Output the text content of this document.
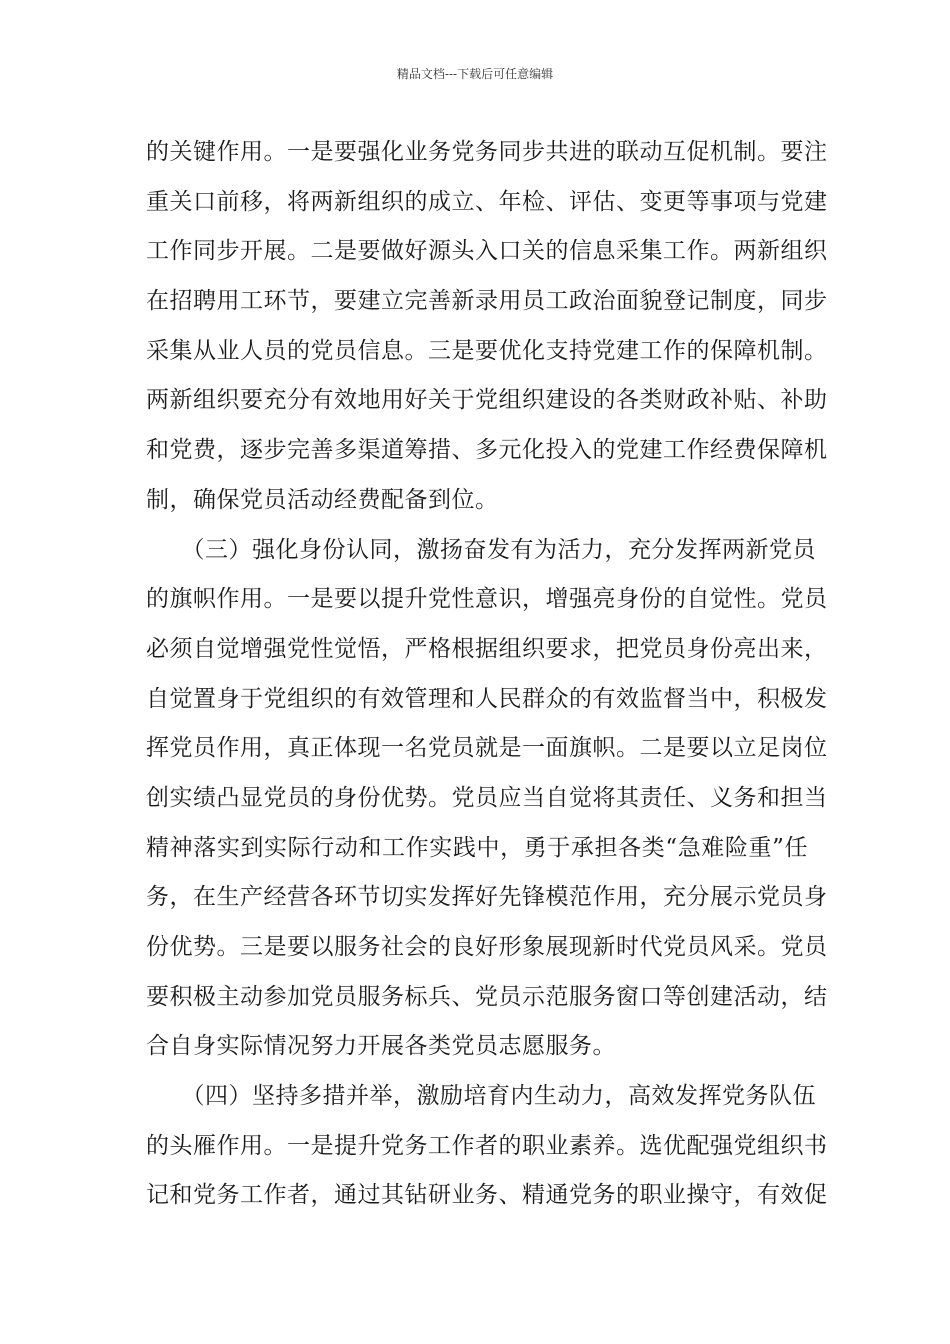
精品文档---下载后可任意编辑
的关键作用。一是要强化业务党务同步共进的联动互促机制。要注
重关口前移，将两新组织的成立、年检、评估、变更等事项与党建
工作同步开展。二是要做好源头入口关的信息采集工作。两新组织
在招聘用工环节，要建立完善新录用员工政治面貌登记制度，同步
采集从业人员的党员信息。三是要优化支持党建工作的保障机制。
两新组织要充分有效地用好关于党组织建设的各类财政补贴、补助
和党费，逐步完善多渠道筹措、多元化投入的党建工作经费保障机
制，确保党员活动经费配备到位。
　　（三）强化身份认同，激扬奋发有为活力，充分发挥两新党员
的旗帜作用。一是要以提升党性意识，增强亮身份的自觉性。党员
必须自觉增强党性觉悟，严格根据组织要求，把党员身份亮出来，
自觉置身于党组织的有效管理和人民群众的有效监督当中，积极发
挥党员作用，真正体现一名党员就是一面旗帜。二是要以立足岗位
创实绩凸显党员的身份优势。党员应当自觉将其责任、义务和担当
精神落实到实际行动和工作实践中，勇于承担各类“急难险重”任
务，在生产经营各环节切实发挥好先锋模范作用，充分展示党员身
份优势。三是要以服务社会的良好形象展现新时代党员风采。党员
要积极主动参加党员服务标兵、党员示范服务窗口等创建活动，结
合自身实际情况努力开展各类党员志愿服务。
　　（四）坚持多措并举，激励培育内生动力，高效发挥党务队伍
的头雁作用。一是提升党务工作者的职业素养。选优配强党组织书
记和党务工作者，通过其钻研业务、精通党务的职业操守，有效促
